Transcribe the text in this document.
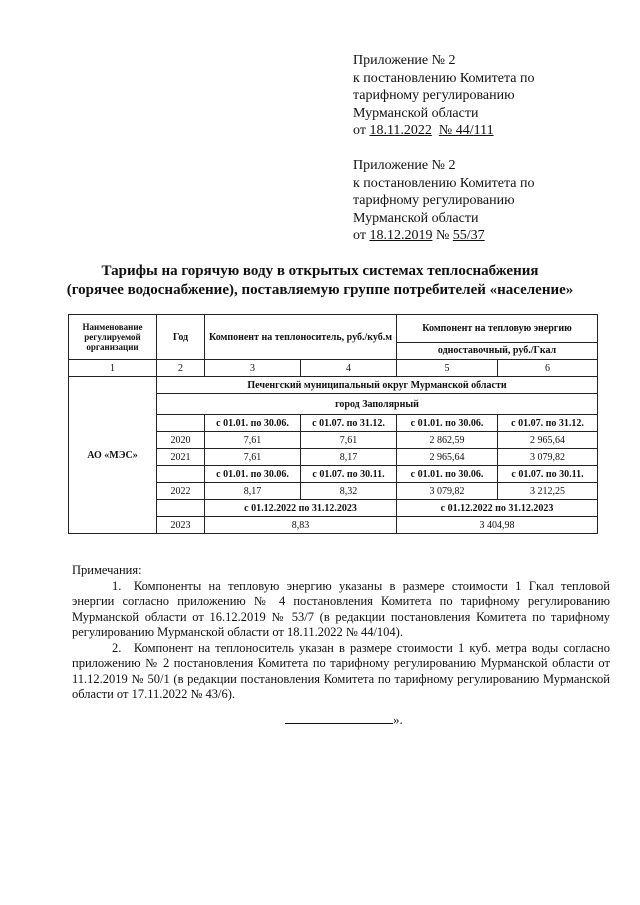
Приложение № 2
к постановлению Комитета по
тарифному регулированию
Мурманской области
от 18.11.2022 № 44/111
Приложение № 2
к постановлению Комитета по
тарифному регулированию
Мурманской области
от 18.12.2019 № 55/37
Тарифы на горячую воду в открытых системах теплоснабжения
(горячее водоснабжение), поставляемую группе потребителей «население»
Наименование регулируемой организации	Год	Компонент на теплоноситель, руб./куб.м		Компонент на тепловую энергию	
				одноставочный, руб./Гкал	
1	2	3	4	5	6
АО «МЭС»	Печенгский муниципальный округ Мурманской области				
	город Заполярный				
		с 01.01. по 30.06.	с 01.07. по 31.12.	с 01.01. по 30.06.	с 01.07. по 31.12.
	2020	7,61	7,61	2 862,59	2 965,64
	2021	7,61	8,17	2 965,64	3 079,82
		с 01.01. по 30.06.	с 01.07. по 30.11.	с 01.01. по 30.06.	с 01.07. по 30.11.
	2022	8,17	8,32	3 079,82	3 212,25
		с 01.12.2022 по 31.12.2023		с 01.12.2022 по 31.12.2023	
	2023	8,83		3 404,98	

Примечания:

1. Компоненты на тепловую энергию указаны в размере стоимости 1 Гкал тепловой энергии согласно приложению № 4 постановления Комитета по тарифному регулированию Мурманской области от 16.12.2019 № 53/7 (в редакции постановления Комитета по тарифному регулированию Мурманской области от 18.11.2022 № 44/104).

2. Компонент на теплоноситель указан в размере стоимости 1 куб. метра воды согласно приложению № 2 постановления Комитета по тарифному регулированию Мурманской области от 11.12.2019 № 50/1 (в редакции постановления Комитета по тарифному регулированию Мурманской области от 17.11.2022 № 43/6).

».
